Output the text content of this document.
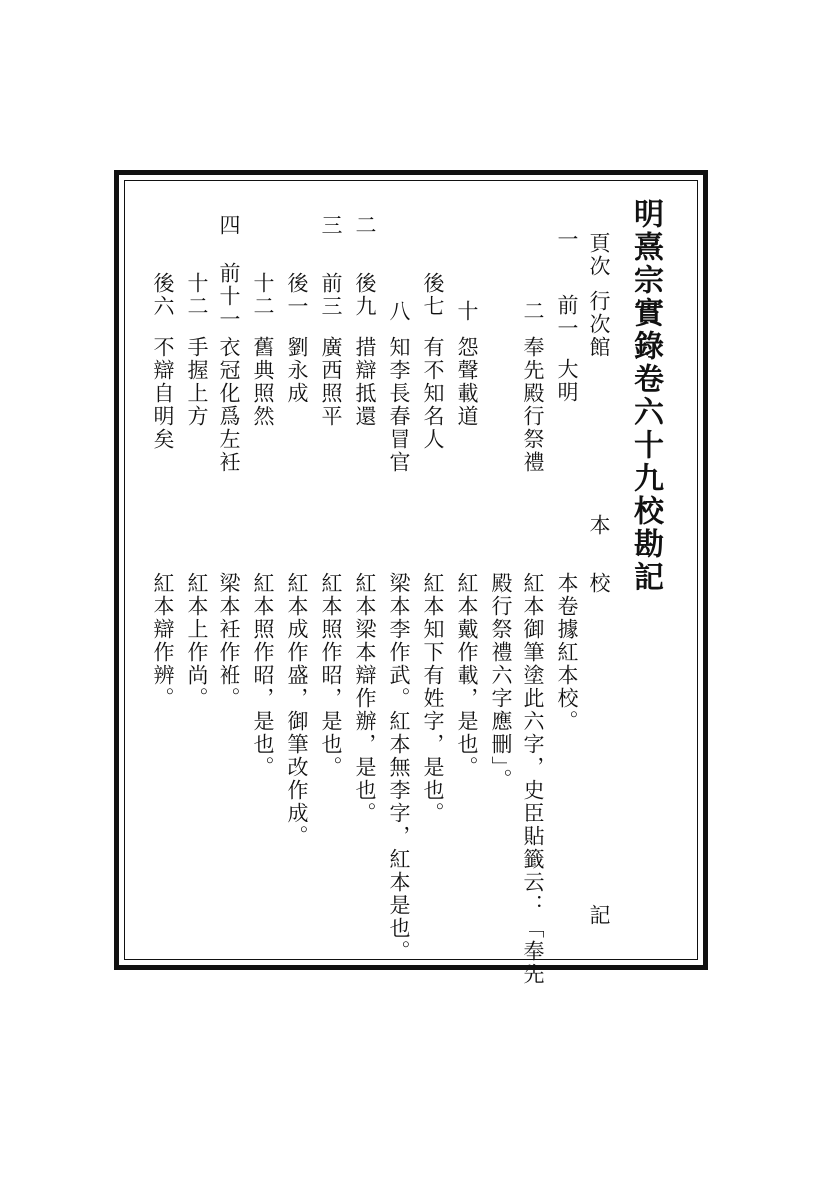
明熹宗實錄卷六十九校勘記
頁次
行次
館
本
校
記
一
前一
大明
本卷據紅本校。
二
奉先殿行祭禮
紅本御筆塗此六字，史臣貼籤云：「奉先
殿行祭禮六字應刪」。
十
怨聲載道
紅本戴作載，是也。
後七
有不知名人
紅本知下有姓字，是也。
八
知李長春冒官
梁本李作武。紅本無李字，紅本是也。
二
後九
措辯抵還
紅本梁本辯作辦，是也。
三
前三
廣西照平
紅本照作昭，是也。
後一
劉永成
紅本成作盛，御筆改作成。
十二
舊典照然
紅本照作昭，是也。
四
前十一
衣冠化爲左衽
梁本衽作袵。
十二
手握上方
紅本上作尚。
後六
不辯自明矣
紅本辯作辨。
